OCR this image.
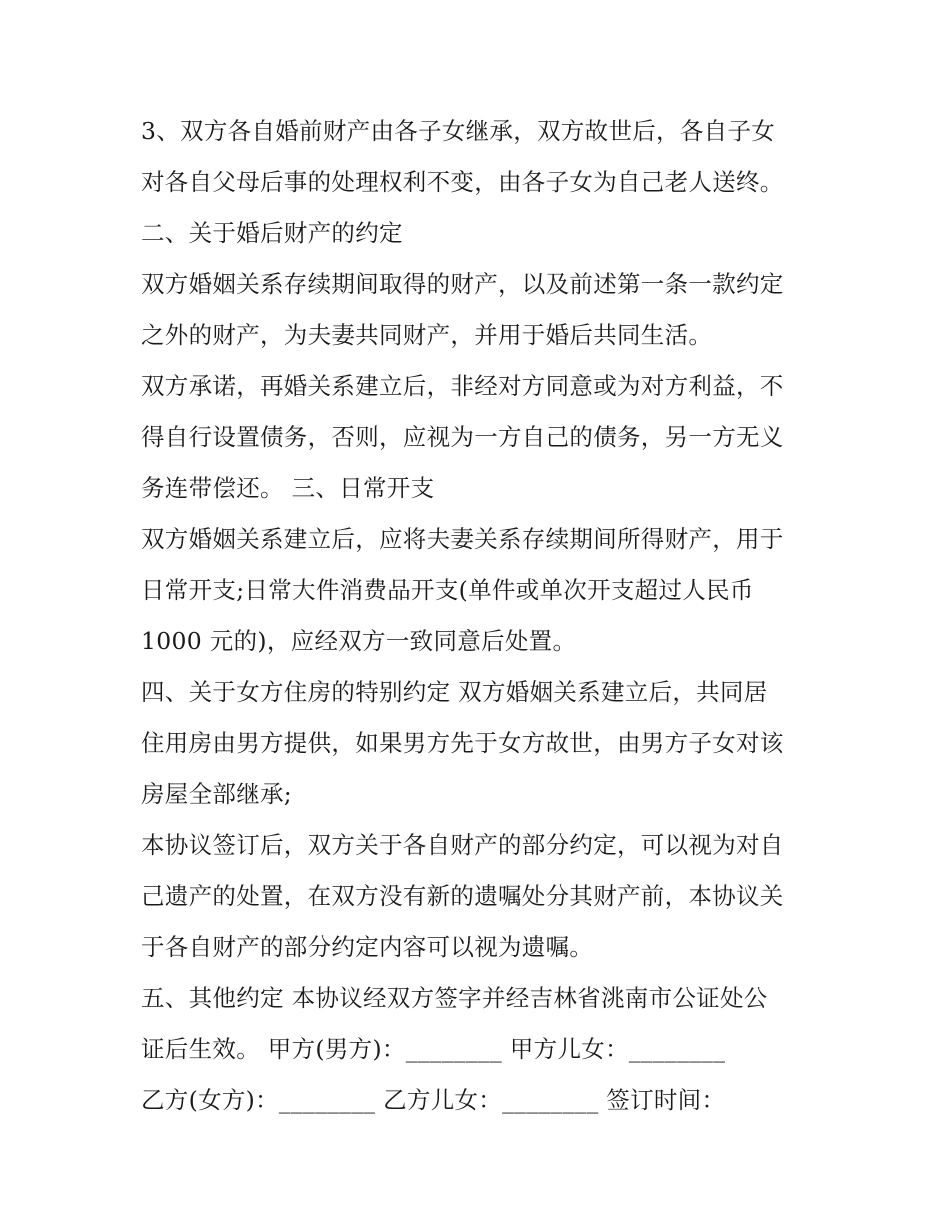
3、双方各自婚前财产由各子女继承，双方故世后，各自子女
对各自父母后事的处理权利不变，由各子女为自己老人送终。
二、关于婚后财产的约定
双方婚姻关系存续期间取得的财产，以及前述第一条一款约定
之外的财产，为夫妻共同财产，并用于婚后共同生活。
双方承诺，再婚关系建立后，非经对方同意或为对方利益，不
得自行设置债务，否则，应视为一方自己的债务，另一方无义
务连带偿还。 三、日常开支
双方婚姻关系建立后，应将夫妻关系存续期间所得财产，用于
日常开支;日常大件消费品开支(单件或单次开支超过人民币
1000 元的)，应经双方一致同意后处置。
四、关于女方住房的特别约定 双方婚姻关系建立后，共同居
住用房由男方提供，如果男方先于女方故世，由男方子女对该
房屋全部继承;
本协议签订后，双方关于各自财产的部分约定，可以视为对自
己遗产的处置，在双方没有新的遗嘱处分其财产前，本协议关
于各自财产的部分约定内容可以视为遗嘱。
五、其他约定 本协议经双方签字并经吉林省洮南市公证处公
证后生效。 甲方(男方)：________ 甲方儿女：________
乙方(女方)：________ 乙方儿女：________ 签订时间：
